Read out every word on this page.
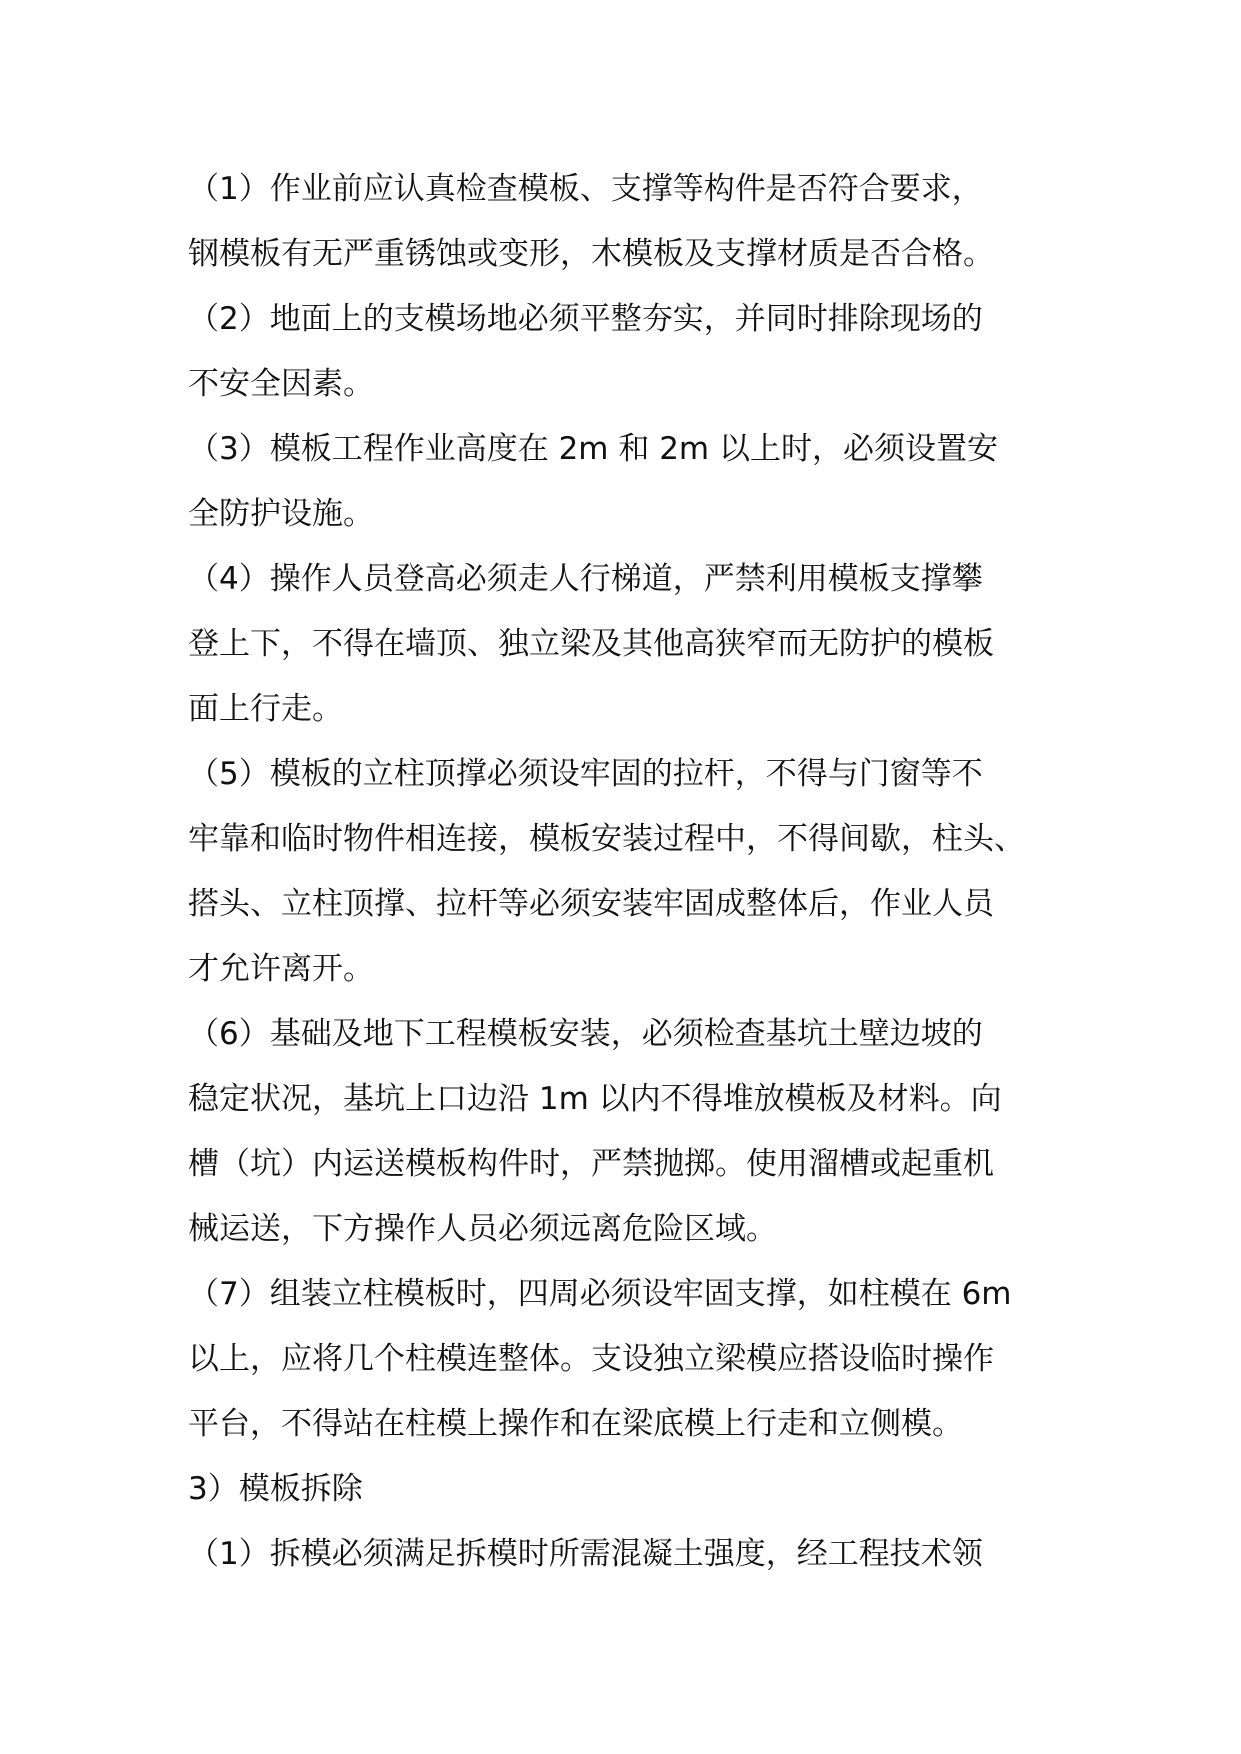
（1）作业前应认真检查模板、支撑等构件是否符合要求，
钢模板有无严重锈蚀或变形，木模板及支撑材质是否合格。
（2）地面上的支模场地必须平整夯实，并同时排除现场的
不安全因素。
（3）模板工程作业高度在 2m 和 2m 以上时，必须设置安
全防护设施。
（4）操作人员登高必须走人行梯道，严禁利用模板支撑攀
登上下，不得在墙顶、独立梁及其他高狭窄而无防护的模板
面上行走。
（5）模板的立柱顶撑必须设牢固的拉杆，不得与门窗等不
牢靠和临时物件相连接，模板安装过程中，不得间歇，柱头、
搭头、立柱顶撑、拉杆等必须安装牢固成整体后，作业人员
才允许离开。
（6）基础及地下工程模板安装，必须检查基坑土壁边坡的
稳定状况，基坑上口边沿 1m 以内不得堆放模板及材料。向
槽（坑）内运送模板构件时，严禁抛掷。使用溜槽或起重机
械运送，下方操作人员必须远离危险区域。
（7）组装立柱模板时，四周必须设牢固支撑，如柱模在 6m
以上，应将几个柱模连整体。支设独立梁模应搭设临时操作
平台，不得站在柱模上操作和在梁底模上行走和立侧模。
3）模板拆除
（1）拆模必须满足拆模时所需混凝土强度，经工程技术领
